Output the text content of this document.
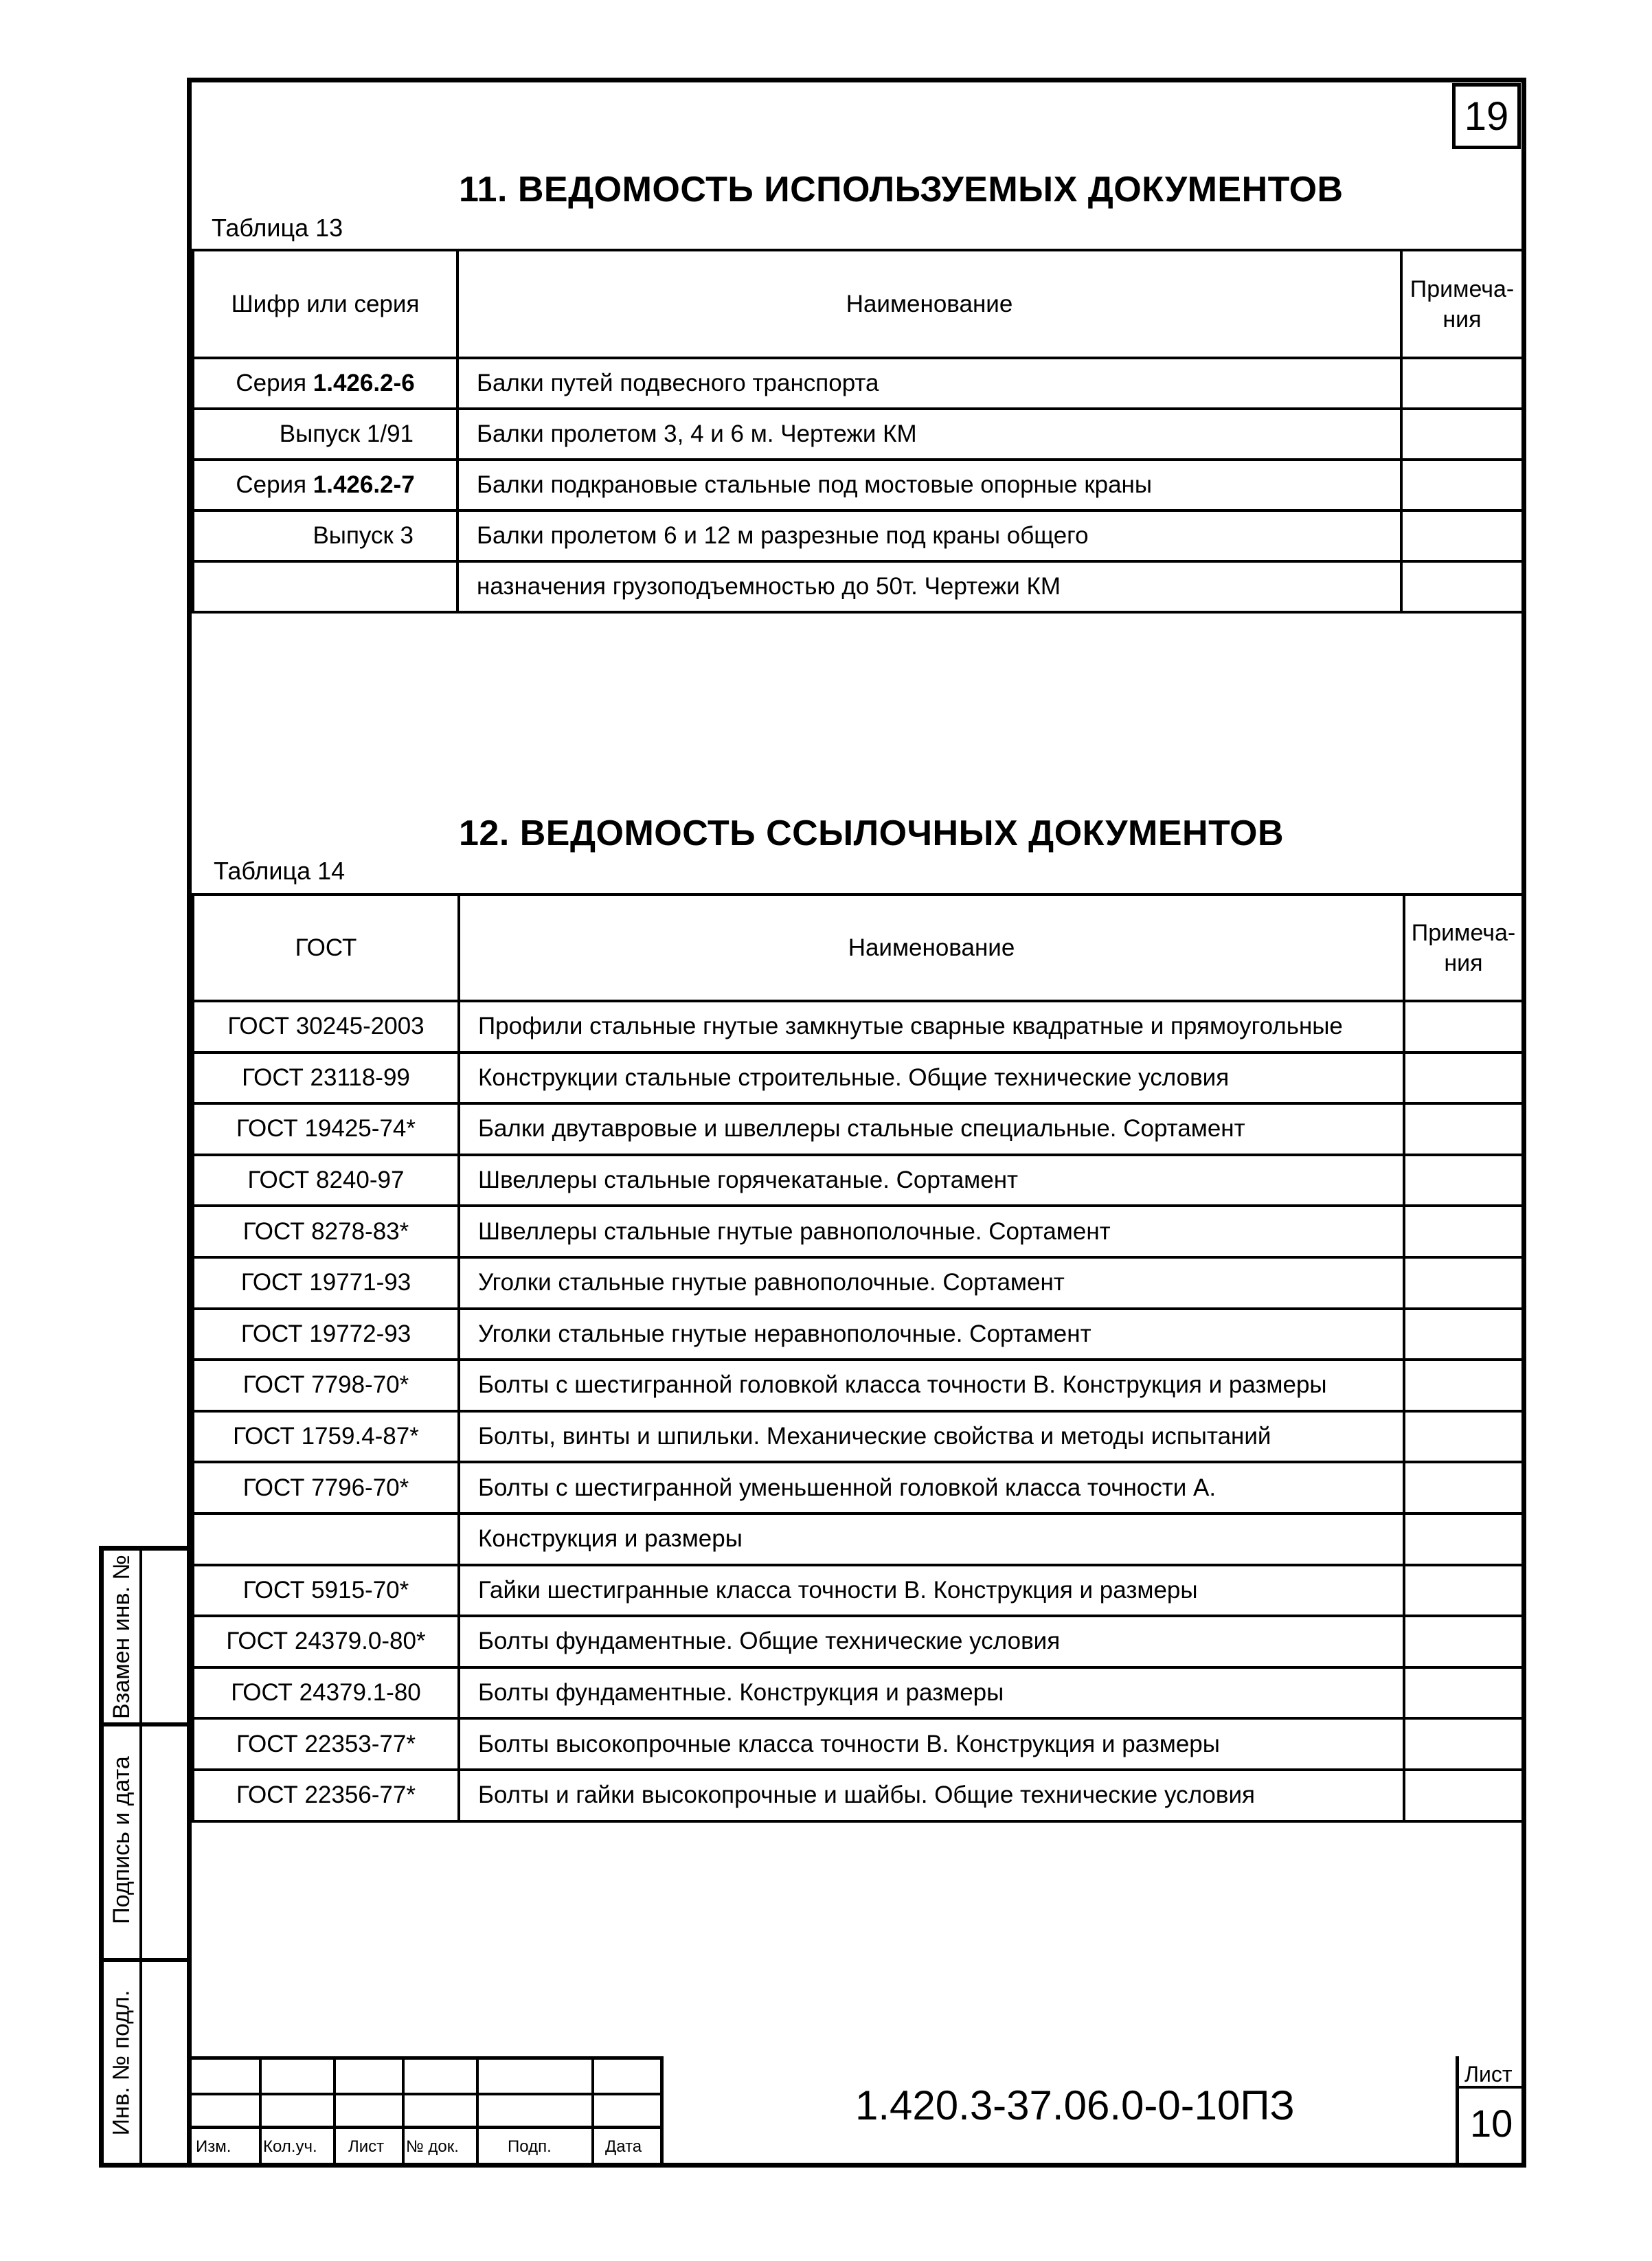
19
11. ВЕДОМОСТЬ ИСПОЛЬЗУЕМЫХ ДОКУМЕНТОВ
Таблица 13
Шифр или серия	Наименование	Примеча-ния
Серия 1.426.2-6	Балки путей подвесного транспорта	
Выпуск 1/91	Балки пролетом 3, 4 и 6 м. Чертежи КМ	
Серия 1.426.2-7	Балки подкрановые стальные под мостовые опорные краны	
Выпуск 3	Балки пролетом 6 и 12 м разрезные под краны общего	
	назначения грузоподъемностью до 50т. Чертежи КМ	
12. ВЕДОМОСТЬ ССЫЛОЧНЫХ ДОКУМЕНТОВ
Таблица 14
ГОСТ	Наименование	Примеча-ния
ГОСТ 30245-2003	Профили стальные гнутые замкнутые сварные квадратные и прямоугольные	
ГОСТ 23118-99	Конструкции стальные строительные. Общие технические условия	
ГОСТ 19425-74*	Балки двутавровые и швеллеры стальные специальные. Сортамент	
ГОСТ 8240-97	Швеллеры стальные горячекатаные. Сортамент	
ГОСТ 8278-83*	Швеллеры стальные гнутые равнополочные. Сортамент	
ГОСТ 19771-93	Уголки стальные гнутые равнополочные. Сортамент	
ГОСТ 19772-93	Уголки стальные гнутые неравнополочные. Сортамент	
ГОСТ 7798-70*	Болты с шестигранной головкой класса точности В. Конструкция и размеры	
ГОСТ 1759.4-87*	Болты, винты и шпильки. Механические свойства и методы испытаний	
ГОСТ 7796-70*	Болты с шестигранной уменьшенной головкой класса точности А.	
	Конструкция и размеры	
ГОСТ 5915-70*	Гайки шестигранные класса точности В. Конструкция и размеры	
ГОСТ 24379.0-80*	Болты фундаментные. Общие технические условия	
ГОСТ 24379.1-80	Болты фундаментные. Конструкция и размеры	
ГОСТ 22353-77*	Болты высокопрочные класса точности В. Конструкция и размеры	
ГОСТ 22356-77*	Болты и гайки высокопрочные и шайбы. Общие технические условия	
Взамен инв. №
Подпись и дата
Инв. № подл.
Изм. Кол.уч. Лист № док.	Подп.	Дата
1.420.3-37.06.0-0-10ПЗ
Лист
10
